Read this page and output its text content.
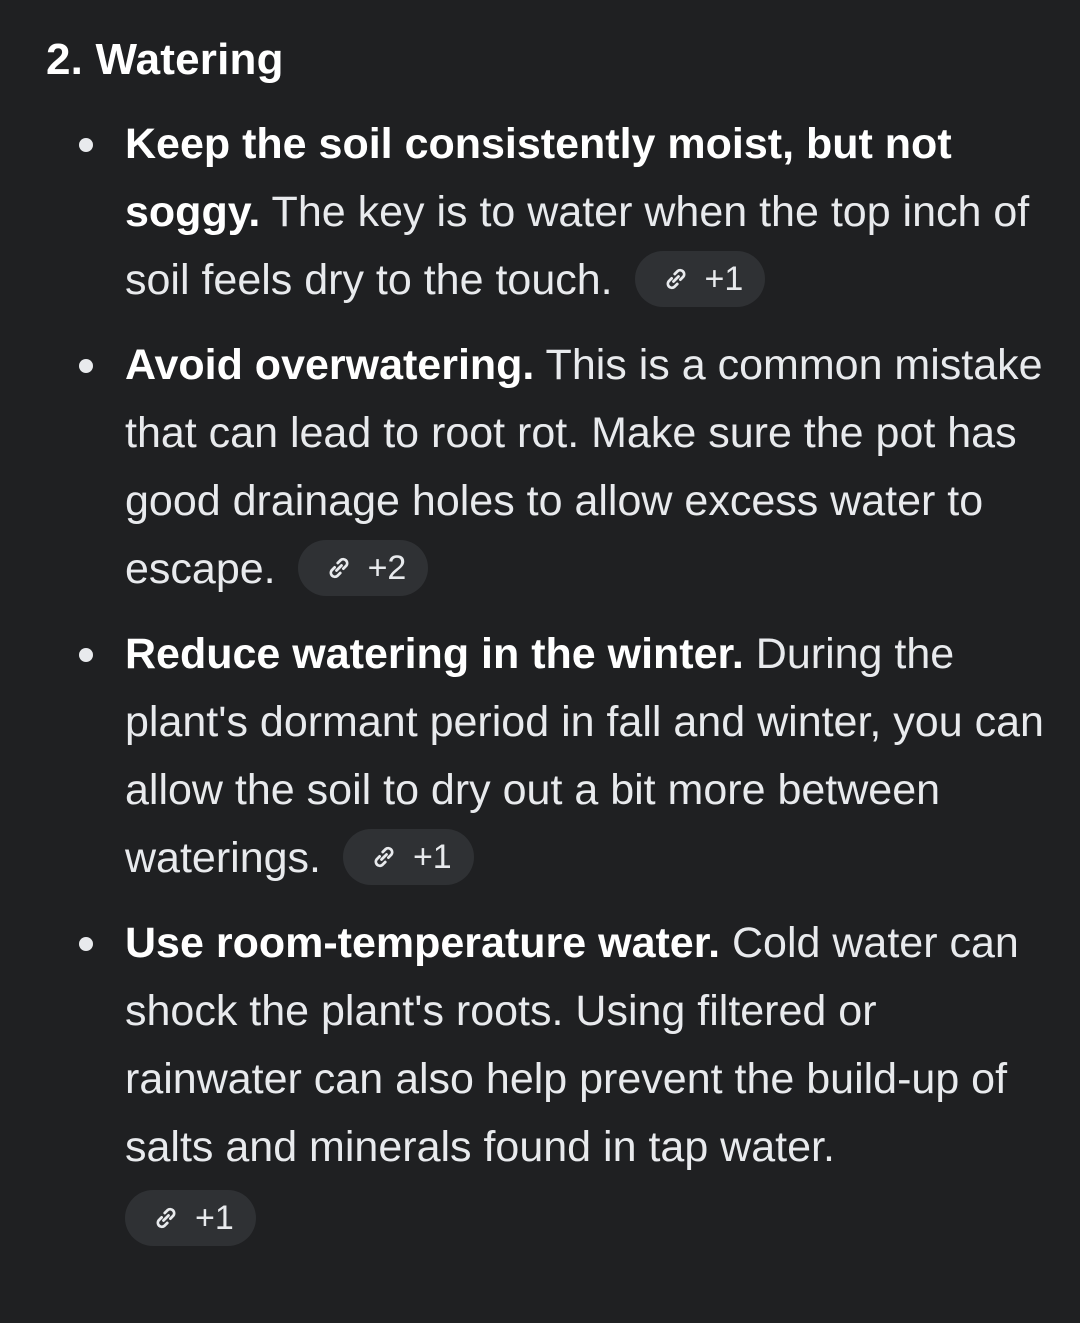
2. Watering
Keep the soil consistently moist, but not soggy. The key is to water when the top inch of soil feels dry to the touch.	+1
Avoid overwatering. This is a common mistake that can lead to root rot. Make sure the pot has good drainage holes to allow excess water to escape.	+2
Reduce watering in the winter. During the plant's dormant period in fall and winter, you can allow the soil to dry out a bit more between waterings.	+1
Use room-temperature water. Cold water can shock the plant's roots. Using filtered or rainwater can also help prevent the build-up of salts and minerals found in tap water.

+1
